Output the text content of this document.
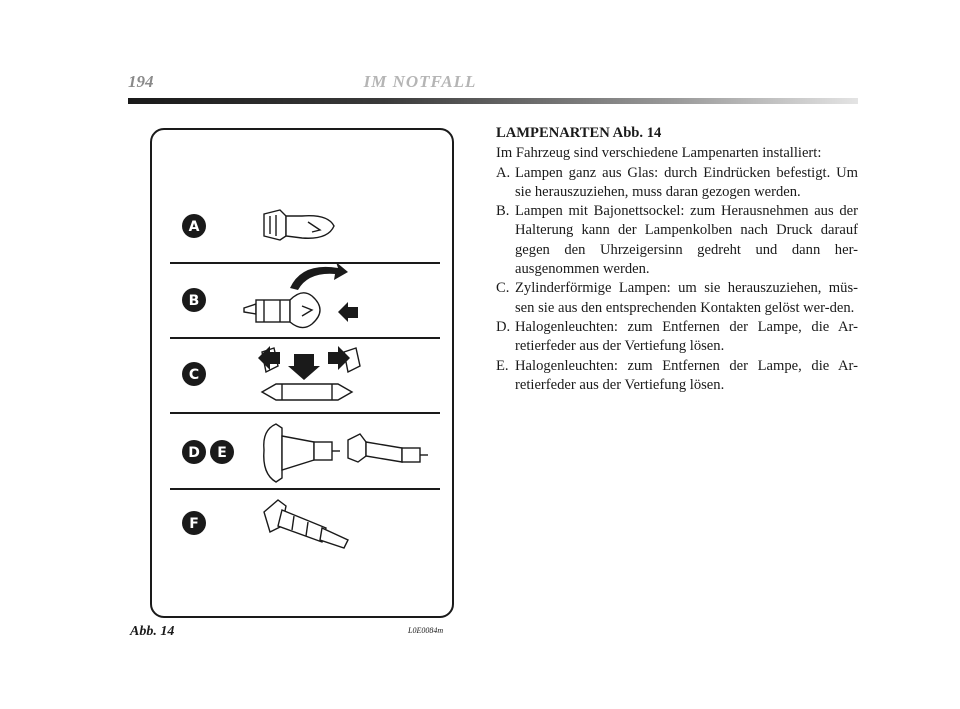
194	IM NOTFALL
A
B
C
D E
F
Abb. 14	L0E0084m
LAMPENARTEN Abb. 14
Im Fahrzeug sind verschiedene Lampenarten installiert:
A. Lampen ganz aus Glas: durch Eindrücken befestigt. Um sie herauszuziehen, muss daran gezogen werden.
B. Lampen mit Bajonettsockel: zum Herausnehmen aus der Halterung kann der Lampenkolben nach Druck darauf gegen den Uhrzeigersinn gedreht und dann her-ausgenommen werden.
C. Zylinderförmige Lampen: um sie herauszuziehen, müs-sen sie aus den entsprechenden Kontakten gelöst wer-den.
D. Halogenleuchten: zum Entfernen der Lampe, die Ar-retierfeder aus der Vertiefung lösen.
E. Halogenleuchten: zum Entfernen der Lampe, die Ar-retierfeder aus der Vertiefung lösen.
